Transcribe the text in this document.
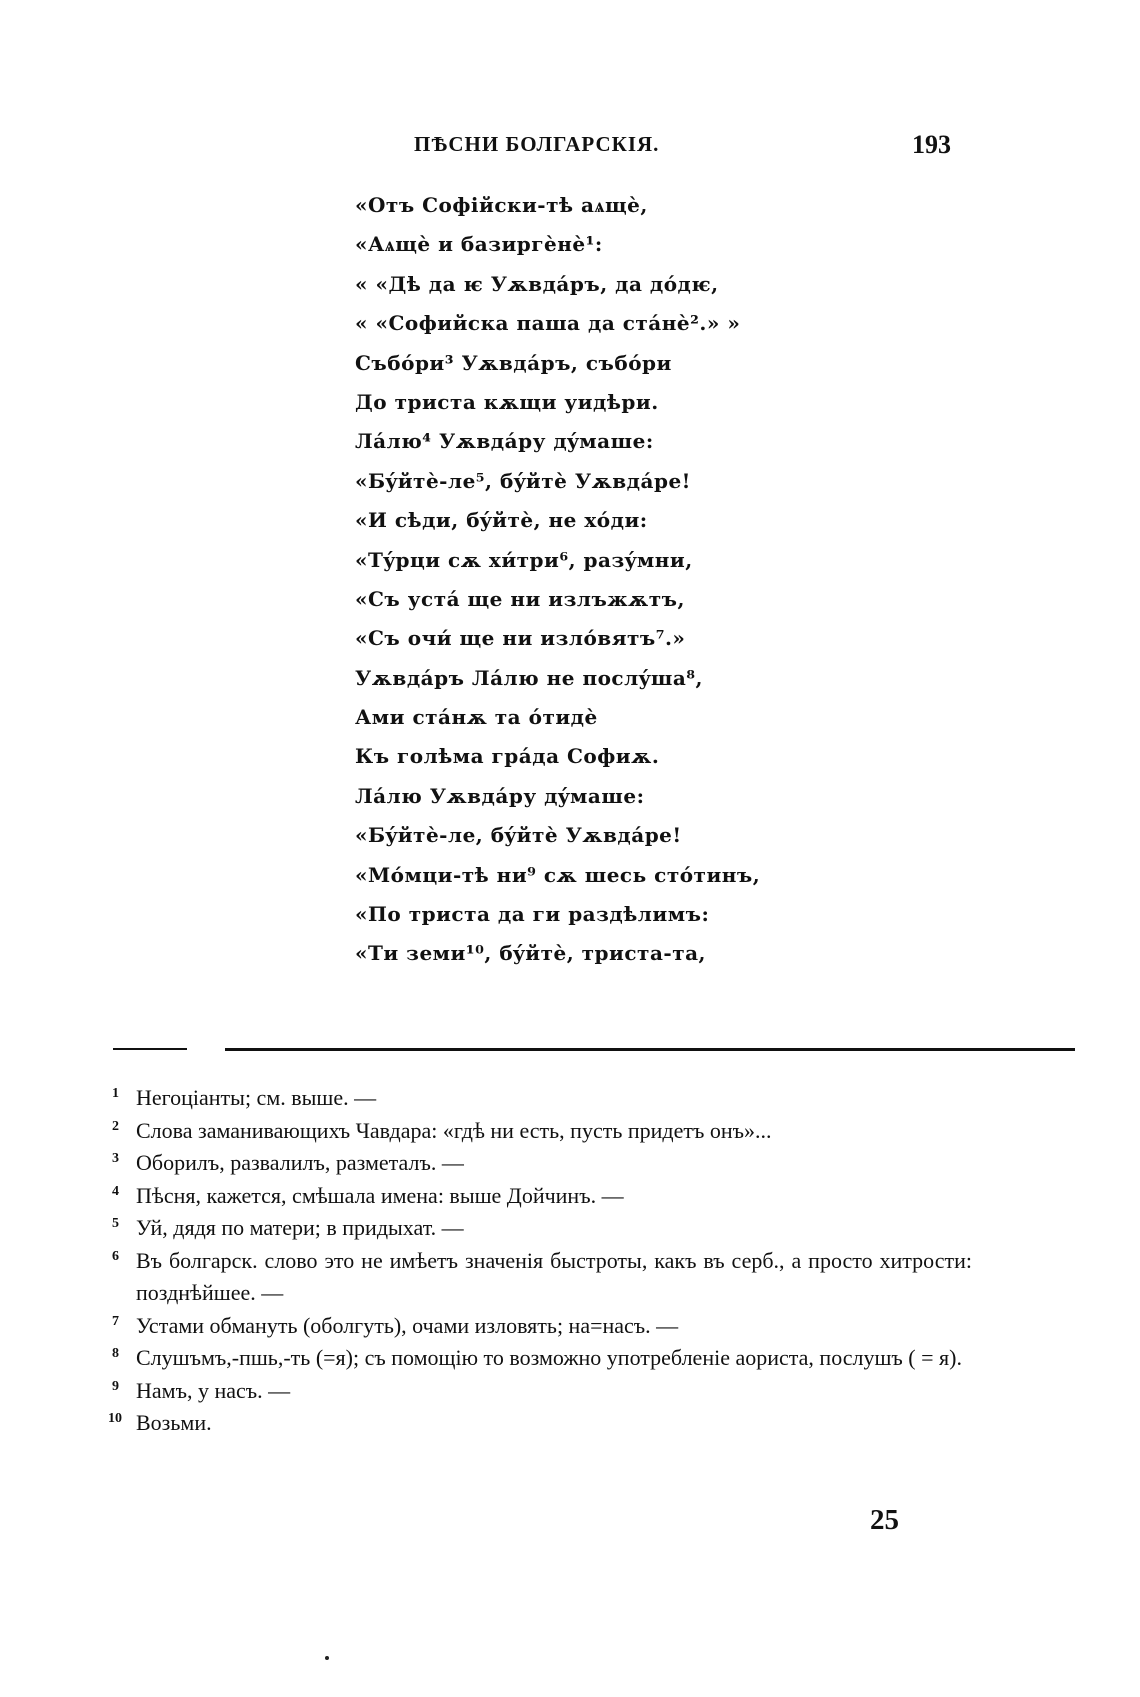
ПѢСНИ БОЛГАРСКІЯ.	193
«Отъ Софійски-тѣ аѧщѐ,
«Аѧщѐ и базиргѐнѐ¹:
« «Дѣ да ѥ Уѫвдáръ, да дóдѥ,
« «Софийска паша да стáнѐ².» »
Събóри³ Уѫвдáръ, събóри
До триста кѫщи уидѣри.
Лáлю⁴ Уѫвдáру дýмаше:
«Бýйтѐ-ле⁵, бýйтѐ Уѫвдáре!
«И сѣди, бýйтѐ, не хóди:
«Тýрци сѫ хи́три⁶, разýмни,
«Съ устá ще ни излъжѫтъ,
«Съ очи́ ще ни изло́вятъ⁷.»
Уѫвдáръ Лáлю не послýша⁸,
Ами стáнѫ та óтидѐ
Къ голѣма грáда Софиѫ.
Лáлю Уѫвдáру дýмаше:
«Бýйтѐ-ле, бýйтѐ Уѫвдáре!
«Мо́мци-тѣ ни⁹ сѫ шесь стóтинъ,
«По триста да ги раздѣлимъ:
«Ти земи¹⁰, бýйтѐ, триста-та,
1 Негоціанты; см. выше. —
2 Слова заманивающихъ Чавдара: «гдѣ ни есть, пусть придетъ онъ»...
3 Оборилъ, развалилъ, разметалъ. —
4 Пѣсня, кажется, смѣшала имена: выше Дойчинъ. —
5 Уй, дядя по матери; в придыхат. —
6 Въ болгарск. слово это не имѣетъ значенія быстроты, какъ въ серб., а просто хитрости: позднѣйшее. —
7 Устами обмануть (оболгуть), очами изловять; на=насъ. —
8 Слушъмъ,-пшь,-ть (=я); съ помощію то возможно употребленіе аориста, послушъ ( = я).
9 Намъ, у насъ. —
10 Возьми.
25
